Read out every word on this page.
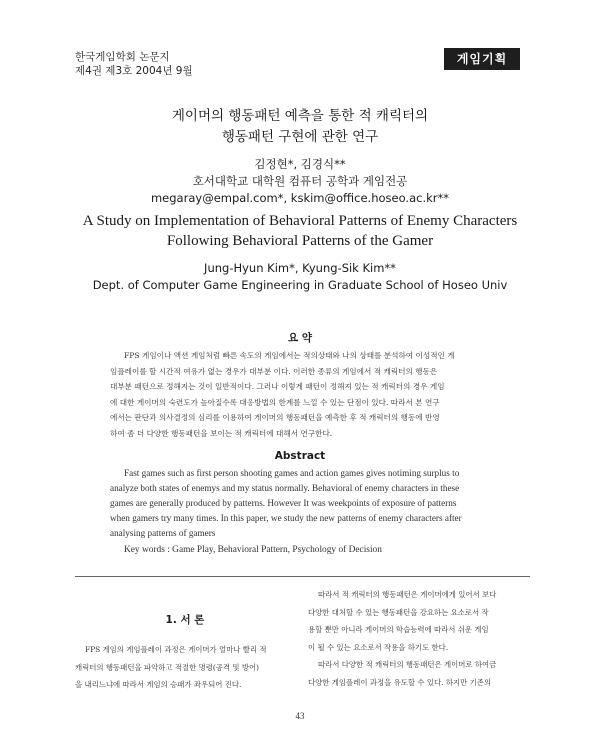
한국게임학회 논문지
제4권 제3호 2004년 9월
게임기획
게이머의 행동패턴 예측을 통한 적 캐릭터의
행동패턴 구현에 관한 연구
김정현*, 김경식**
호서대학교 대학원 컴퓨터 공학과 게임전공
megaray@empal.com*, kskim@office.hoseo.ac.kr**
A Study on Implementation of Behavioral Patterns of Enemy Characters
Following Behavioral Patterns of the Gamer
Jung-Hyun Kim*, Kyung-Sik Kim**
Dept. of Computer Game Engineering in Graduate School of Hoseo Univ
요 약
FPS 게임이나 액션 게임처럼 빠른 속도의 게임에서는 적의상태와 나의 상태를 분석하여 이성적인 게
임플레이를 할 시간적 여유가 없는 경우가 대부분 이다. 이러한 종류의 게임에서 적 캐릭터의 행동은
대부분 패턴으로 정해지는 것이 일반적이다. 그러나 이렇게 패턴이 정해져 있는 적 캐릭터의 경우 게임
에 대한 게이머의 숙련도가 높아질수록 대응방법의 한계를 느낄 수 있는 단점이 있다. 따라서 본 연구
에서는 판단과 의사결정의 심리를 이용하여 게이머의 행동패턴을 예측한 후 적 캐릭터의 행동에 반영
하여 좀 더 다양한 행동패턴을 보이는 적 캐릭터에 대해서 연구한다.
Abstract
Fast games such as first person shooting games and action games gives notiming surplus to
analyze both states of enemys and my status normally. Behavioral of enemy characters in these
games are generally produced by patterns. However It was weekpoints of exposure of patterns
when gamers try many times. In this paper, we study the new patterns of enemy characters after
analysing patterns of gamers
Key words : Game Play, Behavioral Pattern, Psychology of Decision
1. 서 론
FPS 게임의 게임플레이 과정은 게이머가 얼마나 빨리 적
캐릭터의 행동패턴을 파악하고 적절한 명령(공격 및 방어)
을 내리느냐에 따라서 게임의 승패가 좌우되어 진다.
따라서 적 캐릭터의 행동패턴은 게이머에게 있어서 보다
다양한 대처할 수 있는 행동패턴을 강요하는 요소로서 작
용할 뿐만 아니라 게이머의 학습능력에 따라서 쉬운 게임
이 될 수 있는 요소로서 작용을 하기도 한다.
따라서 다양한 적 캐릭터의 행동패턴은 게이머로 하여금
다양한 게임플레이 과정을 유도할 수 있다. 하지만 기존의
43
